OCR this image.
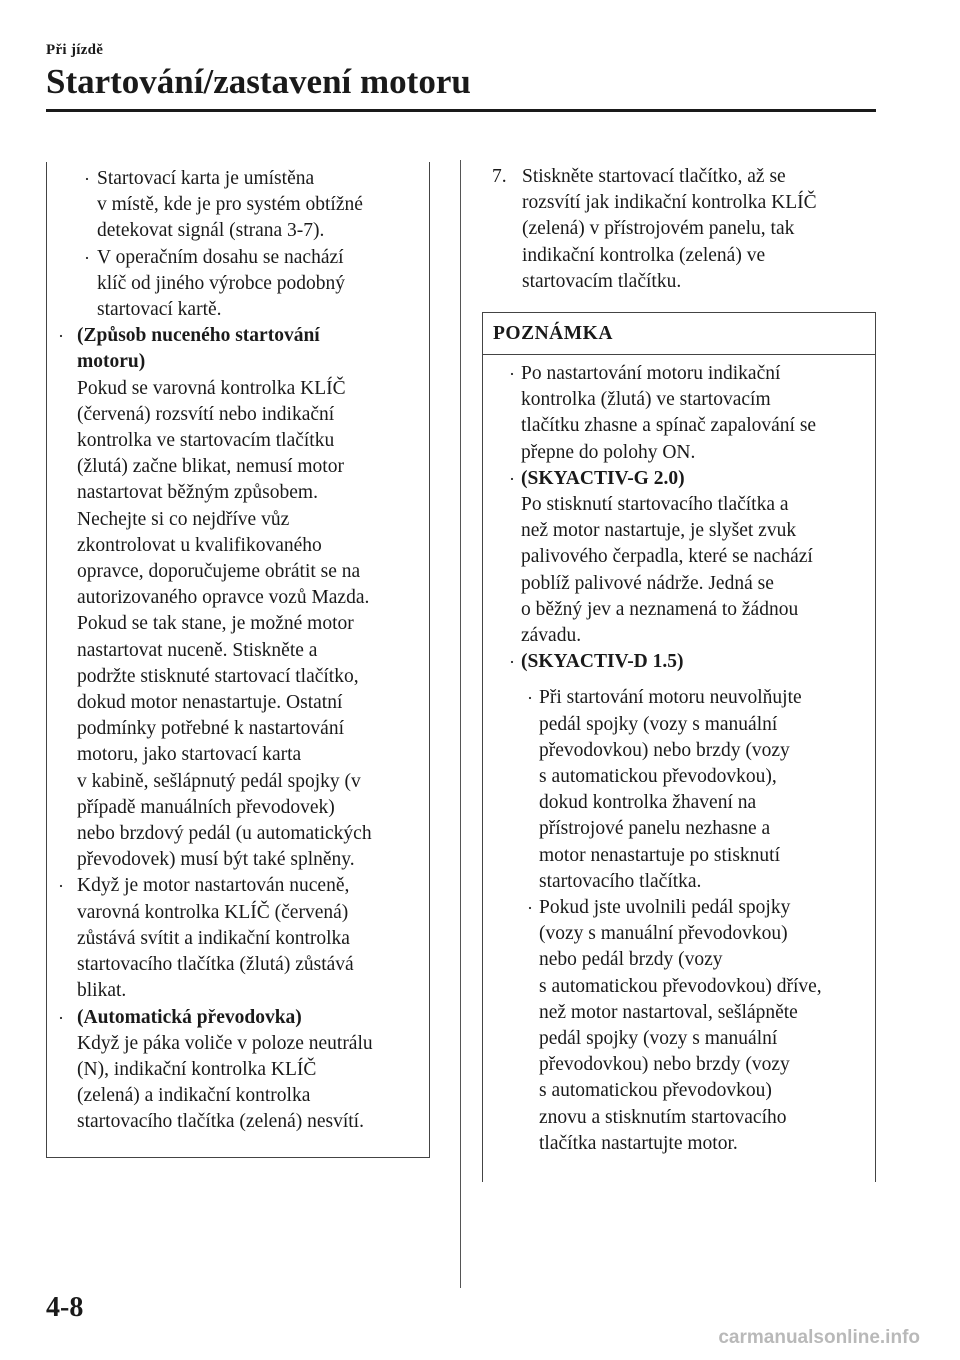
Při jízdě
Startování/zastavení motoru
· Startovací karta je umístěna

v místě, kde je pro systém obtížné

detekovat signál (strana 3-7).

· V operačním dosahu se nachází

klíč od jiného výrobce podobný

startovací kartě.

· (Způsob nuceného startování

motoru)

Pokud se varovná kontrolka KLÍČ

(červená) rozsvítí nebo indikační

kontrolka ve startovacím tlačítku

(žlutá) začne blikat, nemusí motor

nastartovat běžným způsobem.

Nechejte si co nejdříve vůz

zkontrolovat u kvalifikovaného

opravce, doporučujeme obrátit se na

autorizovaného opravce vozů Mazda.

Pokud se tak stane, je možné motor

nastartovat nuceně. Stiskněte a

podržte stisknuté startovací tlačítko,

dokud motor nenastartuje. Ostatní

podmínky potřebné k nastartování

motoru, jako startovací karta

v kabině, sešlápnutý pedál spojky (v

případě manuálních převodovek)

nebo brzdový pedál (u automatických

převodovek) musí být také splněny.

· Když je motor nastartován nuceně,

varovná kontrolka KLÍČ (červená)

zůstává svítit a indikační kontrolka

startovacího tlačítka (žlutá) zůstává

blikat.

· (Automatická převodovka)

Když je páka voliče v poloze neutrálu

(N), indikační kontrolka KLÍČ

(zelená) a indikační kontrolka

startovacího tlačítka (zelená) nesvítí.

7. Stiskněte startovací tlačítko, až se

rozsvítí jak indikační kontrolka KLÍČ

(zelená) v přístrojovém panelu, tak

indikační kontrolka (zelená) ve

startovacím tlačítku.

POZNÁMKA
· Po nastartování motoru indikační

kontrolka (žlutá) ve startovacím

tlačítku zhasne a spínač zapalování se

přepne do polohy ON.

· (SKYACTIV-G 2.0)

Po stisknutí startovacího tlačítka a

než motor nastartuje, je slyšet zvuk

palivového čerpadla, které se nachází

poblíž palivové nádrže. Jedná se

o běžný jev a neznamená to žádnou

závadu.

· (SKYACTIV-D 1.5)

· Při startování motoru neuvolňujte

pedál spojky (vozy s manuální

převodovkou) nebo brzdy (vozy

s automatickou převodovkou),

dokud kontrolka žhavení na

přístrojové panelu nezhasne a

motor nenastartuje po stisknutí

startovacího tlačítka.

· Pokud jste uvolnili pedál spojky

(vozy s manuální převodovkou)

nebo pedál brzdy (vozy

s automatickou převodovkou) dříve,

než motor nastartoval, sešlápněte

pedál spojky (vozy s manuální

převodovkou) nebo brzdy (vozy

s automatickou převodovkou)

znovu a stisknutím startovacího

tlačítka nastartujte motor.

4-8
carmanualsonline.info
